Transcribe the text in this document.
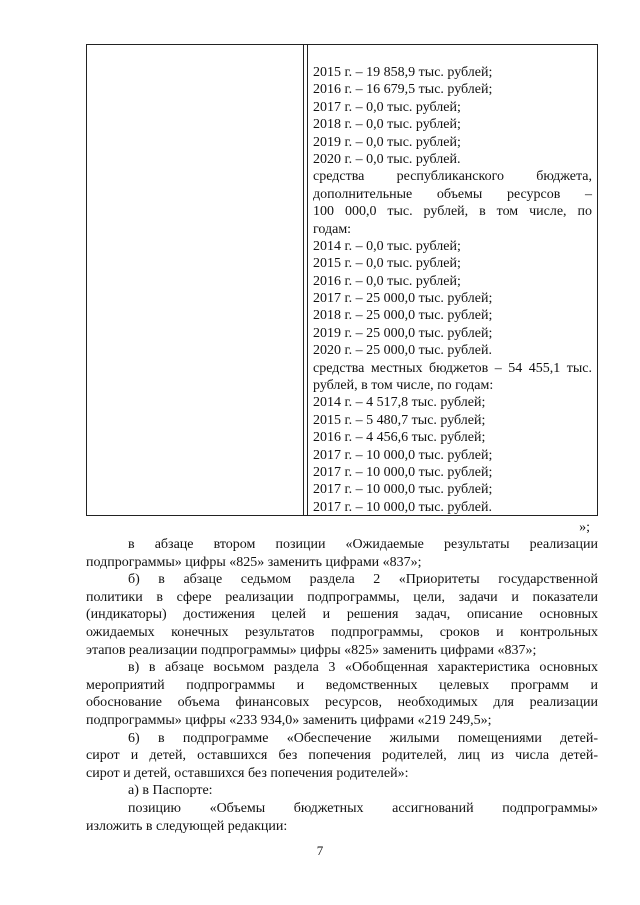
2015 г. – 19 858,9 тыс. рублей;
2016 г. – 16 679,5 тыс. рублей;
2017 г. – 0,0 тыс. рублей;
2018 г. – 0,0 тыс. рублей;
2019 г. – 0,0 тыс. рублей;
2020 г. – 0,0 тыс. рублей.
средства республиканского бюджета,
дополнительные объемы ресурсов –
100 000,0 тыс. рублей, в том числе, по
годам:
2014 г. – 0,0 тыс. рублей;
2015 г. – 0,0 тыс. рублей;
2016 г. – 0,0 тыс. рублей;
2017 г. – 25 000,0 тыс. рублей;
2018 г. – 25 000,0 тыс. рублей;
2019 г. – 25 000,0 тыс. рублей;
2020 г. – 25 000,0 тыс. рублей.
средства местных бюджетов – 54 455,1 тыс.
рублей, в том числе, по годам:
2014 г. – 4 517,8 тыс. рублей;
2015 г. – 5 480,7 тыс. рублей;
2016 г. – 4 456,6 тыс. рублей;
2017 г. – 10 000,0 тыс. рублей;
2017 г. – 10 000,0 тыс. рублей;
2017 г. – 10 000,0 тыс. рублей;
2017 г. – 10 000,0 тыс. рублей.
»;

в абзаце втором позиции «Ожидаемые результаты реализации
подпрограммы» цифры «825» заменить цифрами «837»;

б) в абзаце седьмом раздела 2 «Приоритеты государственной
политики в сфере реализации подпрограммы, цели, задачи и показатели
(индикаторы) достижения целей и решения задач, описание основных
ожидаемых конечных результатов подпрограммы, сроков и контрольных
этапов реализации подпрограммы» цифры «825» заменить цифрами «837»;

в) в абзаце восьмом раздела 3 «Обобщенная характеристика основных
мероприятий подпрограммы и ведомственных целевых программ и
обоснование объема финансовых ресурсов, необходимых для реализации
подпрограммы» цифры «233 934,0» заменить цифрами «219 249,5»;

6) в подпрограмме «Обеспечение жилыми помещениями детей-
сирот и детей, оставшихся без попечения родителей, лиц из числа детей-
сирот и детей, оставшихся без попечения родителей»:

а) в Паспорте:

позицию «Объемы бюджетных ассигнований подпрограммы»
изложить в следующей редакции:

7
